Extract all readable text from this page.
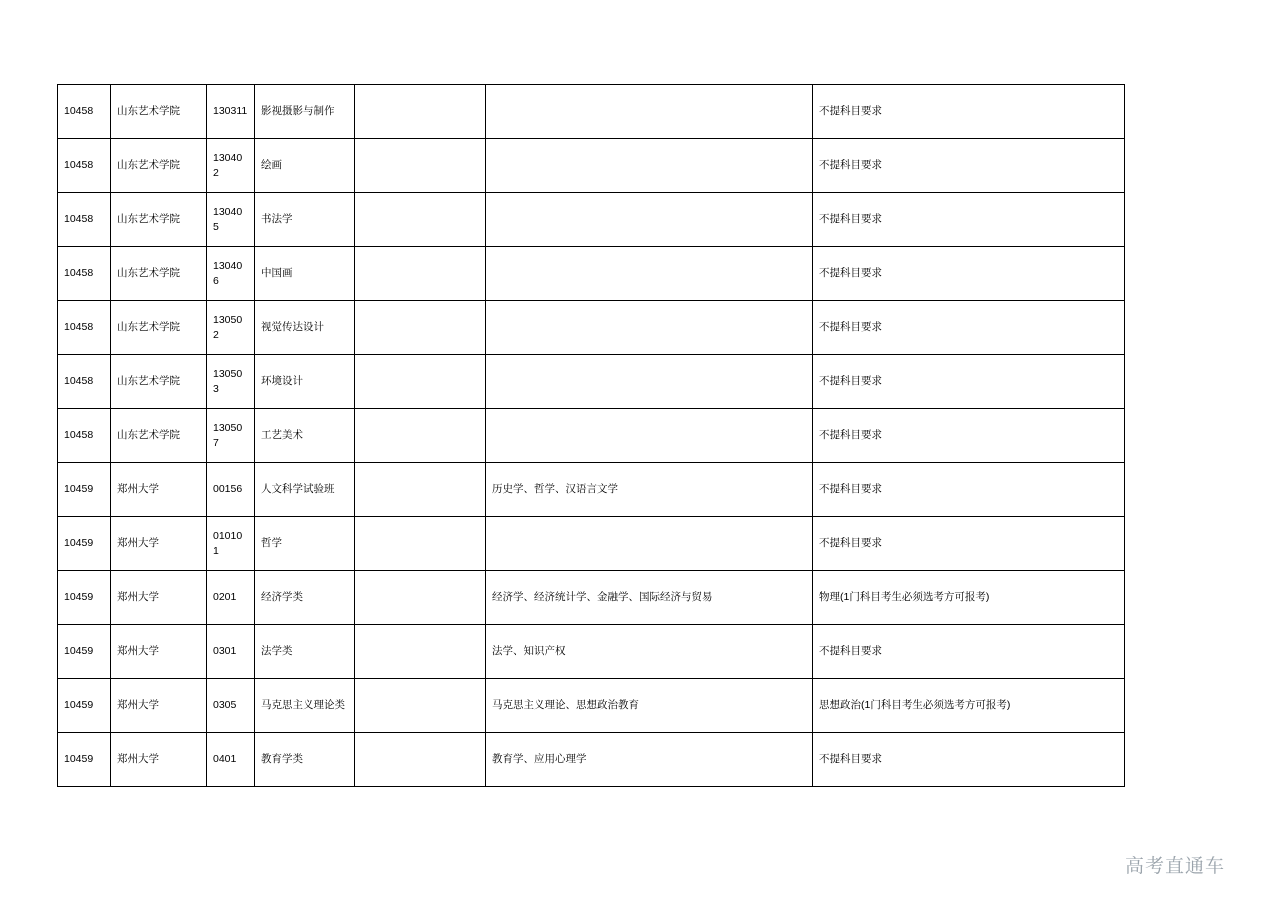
10458	山东艺术学院	130311	影视摄影与制作			不提科目要求
10458	山东艺术学院	130402	绘画			不提科目要求
10458	山东艺术学院	130405	书法学			不提科目要求
10458	山东艺术学院	130406	中国画			不提科目要求
10458	山东艺术学院	130502	视觉传达设计			不提科目要求
10458	山东艺术学院	130503	环境设计			不提科目要求
10458	山东艺术学院	130507	工艺美术			不提科目要求
10459	郑州大学	00156	人文科学试验班		历史学、哲学、汉语言文学	不提科目要求
10459	郑州大学	010101	哲学			不提科目要求
10459	郑州大学	0201	经济学类		经济学、经济统计学、金融学、国际经济与贸易	物理(1门科目考生必须选考方可报考)
10459	郑州大学	0301	法学类		法学、知识产权	不提科目要求
10459	郑州大学	0305	马克思主义理论类		马克思主义理论、思想政治教育	思想政治(1门科目考生必须选考方可报考)
10459	郑州大学	0401	教育学类		教育学、应用心理学	不提科目要求
高考直通车
